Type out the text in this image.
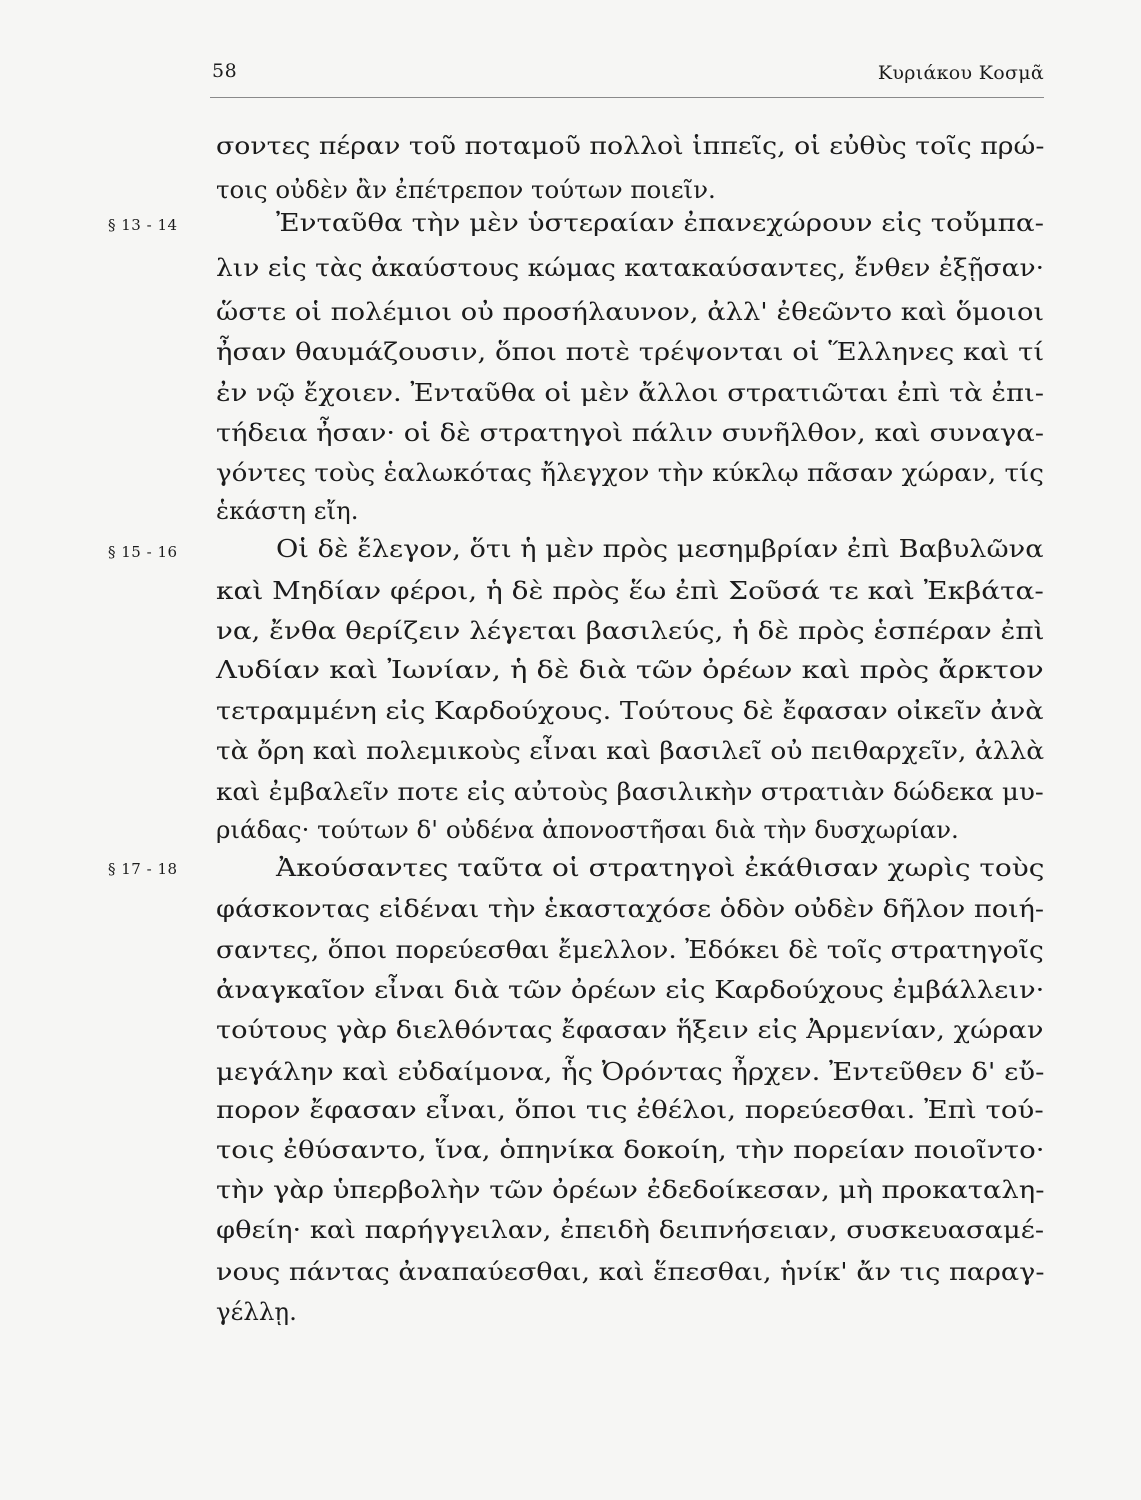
58	Κυριάκου Κοσμᾶ
§ 13 - 14
§ 15 - 16
§ 17 - 18
σοντες πέραν τοῦ ποταμοῦ πολλοὶ ἱππεῖς, οἱ εὐθὺς τοῖς πρώ-
τοις οὐδὲν ἂν ἐπέτρεπον τούτων ποιεῖν.
Ἐνταῦθα τὴν μὲν ὑστεραίαν ἐπανεχώρουν εἰς τοὔμπα-
λιν εἰς τὰς ἀκαύστους κώμας κατακαύσαντες, ἔνθεν ἐξῇσαν·
ὥστε οἱ πολέμιοι οὐ προσήλαυνον, ἀλλ' ἐθεῶντο καὶ ὅμοιοι
ἦσαν θαυμάζουσιν, ὅποι ποτὲ τρέψονται οἱ Ἕλληνες καὶ τί
ἐν νῷ ἔχοιεν. Ἐνταῦθα οἱ μὲν ἄλλοι στρατιῶται ἐπὶ τὰ ἐπι-
τήδεια ἦσαν· οἱ δὲ στρατηγοὶ πάλιν συνῆλθον, καὶ συναγα-
γόντες τοὺς ἑαλωκότας ἤλεγχον τὴν κύκλῳ πᾶσαν χώραν, τίς
ἑκάστη εἴη.
Οἱ δὲ ἔλεγον, ὅτι ἡ μὲν πρὸς μεσημβρίαν ἐπὶ Βαβυλῶνα
καὶ Μηδίαν φέροι, ἡ δὲ πρὸς ἕω ἐπὶ Σοῦσά τε καὶ Ἐκβάτα-
να, ἔνθα θερίζειν λέγεται βασιλεύς, ἡ δὲ πρὸς ἑσπέραν ἐπὶ
Λυδίαν καὶ Ἰωνίαν, ἡ δὲ διὰ τῶν ὀρέων καὶ πρὸς ἄρκτον
τετραμμένη εἰς Καρδούχους. Τούτους δὲ ἔφασαν οἰκεῖν ἀνὰ
τὰ ὄρη καὶ πολεμικοὺς εἶναι καὶ βασιλεῖ οὐ πειθαρχεῖν, ἀλλὰ
καὶ ἐμβαλεῖν ποτε εἰς αὐτοὺς βασιλικὴν στρατιὰν δώδεκα μυ-
ριάδας· τούτων δ' οὐδένα ἀπονοστῆσαι διὰ τὴν δυσχωρίαν.
Ἀκούσαντες ταῦτα οἱ στρατηγοὶ ἐκάθισαν χωρὶς τοὺς
φάσκοντας εἰδέναι τὴν ἑκασταχόσε ὁδὸν οὐδὲν δῆλον ποιή-
σαντες, ὅποι πορεύεσθαι ἔμελλον. Ἐδόκει δὲ τοῖς στρατηγοῖς
ἀναγκαῖον εἶναι διὰ τῶν ὀρέων εἰς Καρδούχους ἐμβάλλειν·
τούτους γὰρ διελθόντας ἔφασαν ἥξειν εἰς Ἀρμενίαν, χώραν
μεγάλην καὶ εὐδαίμονα, ἧς Ὀρόντας ἦρχεν. Ἐντεῦθεν δ' εὔ-
πορον ἔφασαν εἶναι, ὅποι τις ἐθέλοι, πορεύεσθαι. Ἐπὶ τού-
τοις ἐθύσαντο, ἵνα, ὁπηνίκα δοκοίη, τὴν πορείαν ποιοῖντο·
τὴν γὰρ ὑπερβολὴν τῶν ὀρέων ἐδεδοίκεσαν, μὴ προκαταλη-
φθείη· καὶ παρήγγειλαν, ἐπειδὴ δειπνήσειαν, συσκευασαμέ-
νους πάντας ἀναπαύεσθαι, καὶ ἕπεσθαι, ἡνίκ' ἄν τις παραγ-
γέλλῃ.
